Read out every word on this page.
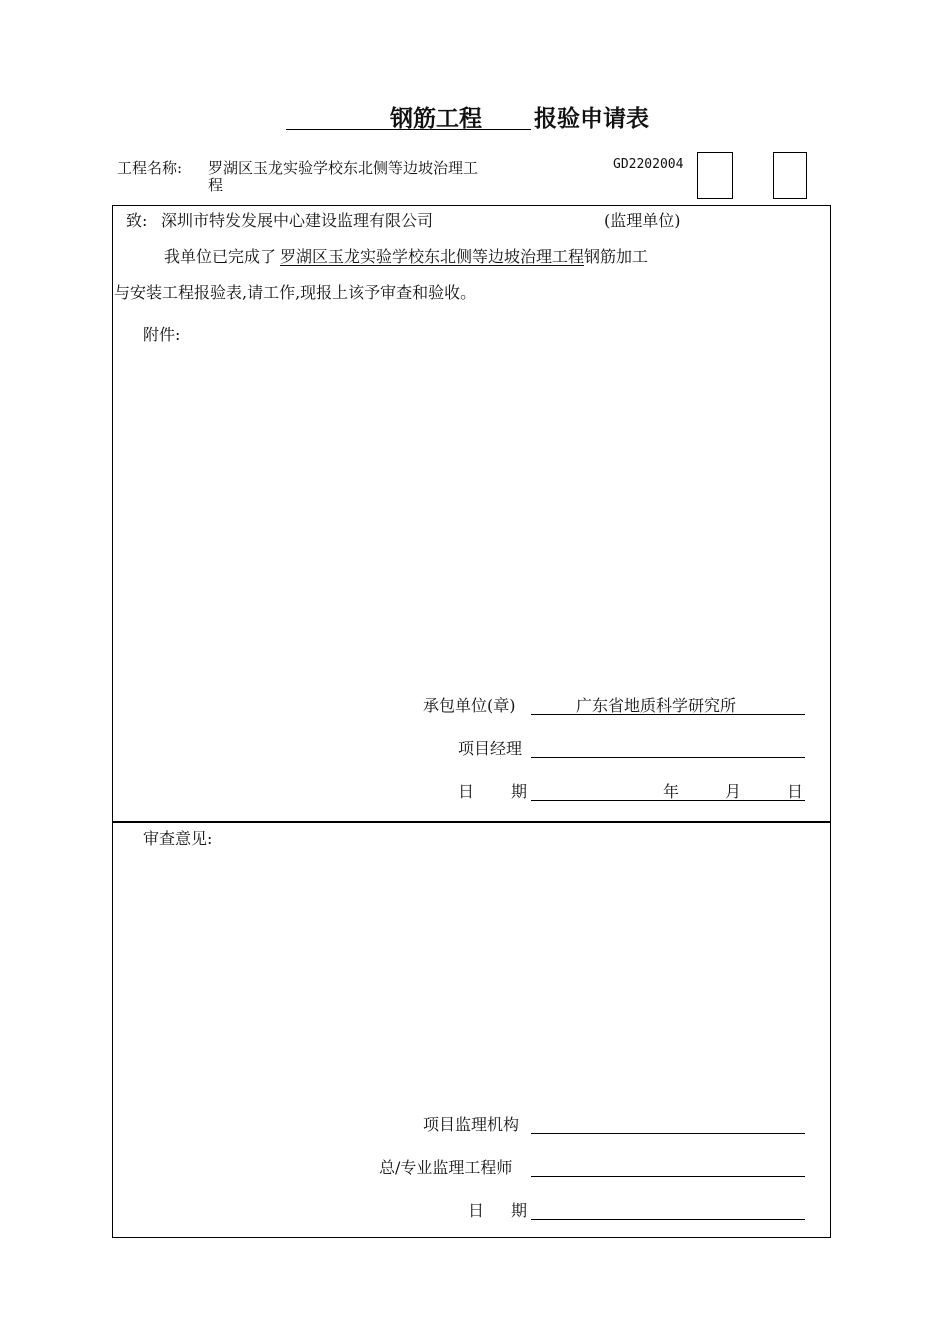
钢筋工程 报验申请表
工程名称: 罗湖区玉龙实验学校东北侧等边坡治理工
程
GD2202004
致: 深圳市特发发展中心建设监理有限公司	(监理单位)
我单位已完成了 罗湖区玉龙实验学校东北侧等边坡治理工程钢筋加工
与安装工程报验表,请工作,现报上该予审查和验收。
附件:
承包单位(章)	广东省地质科学研究所
项目经理
日 期	年	月	日
审查意见:
项目监理机构
总/专业监理工程师
日 期
